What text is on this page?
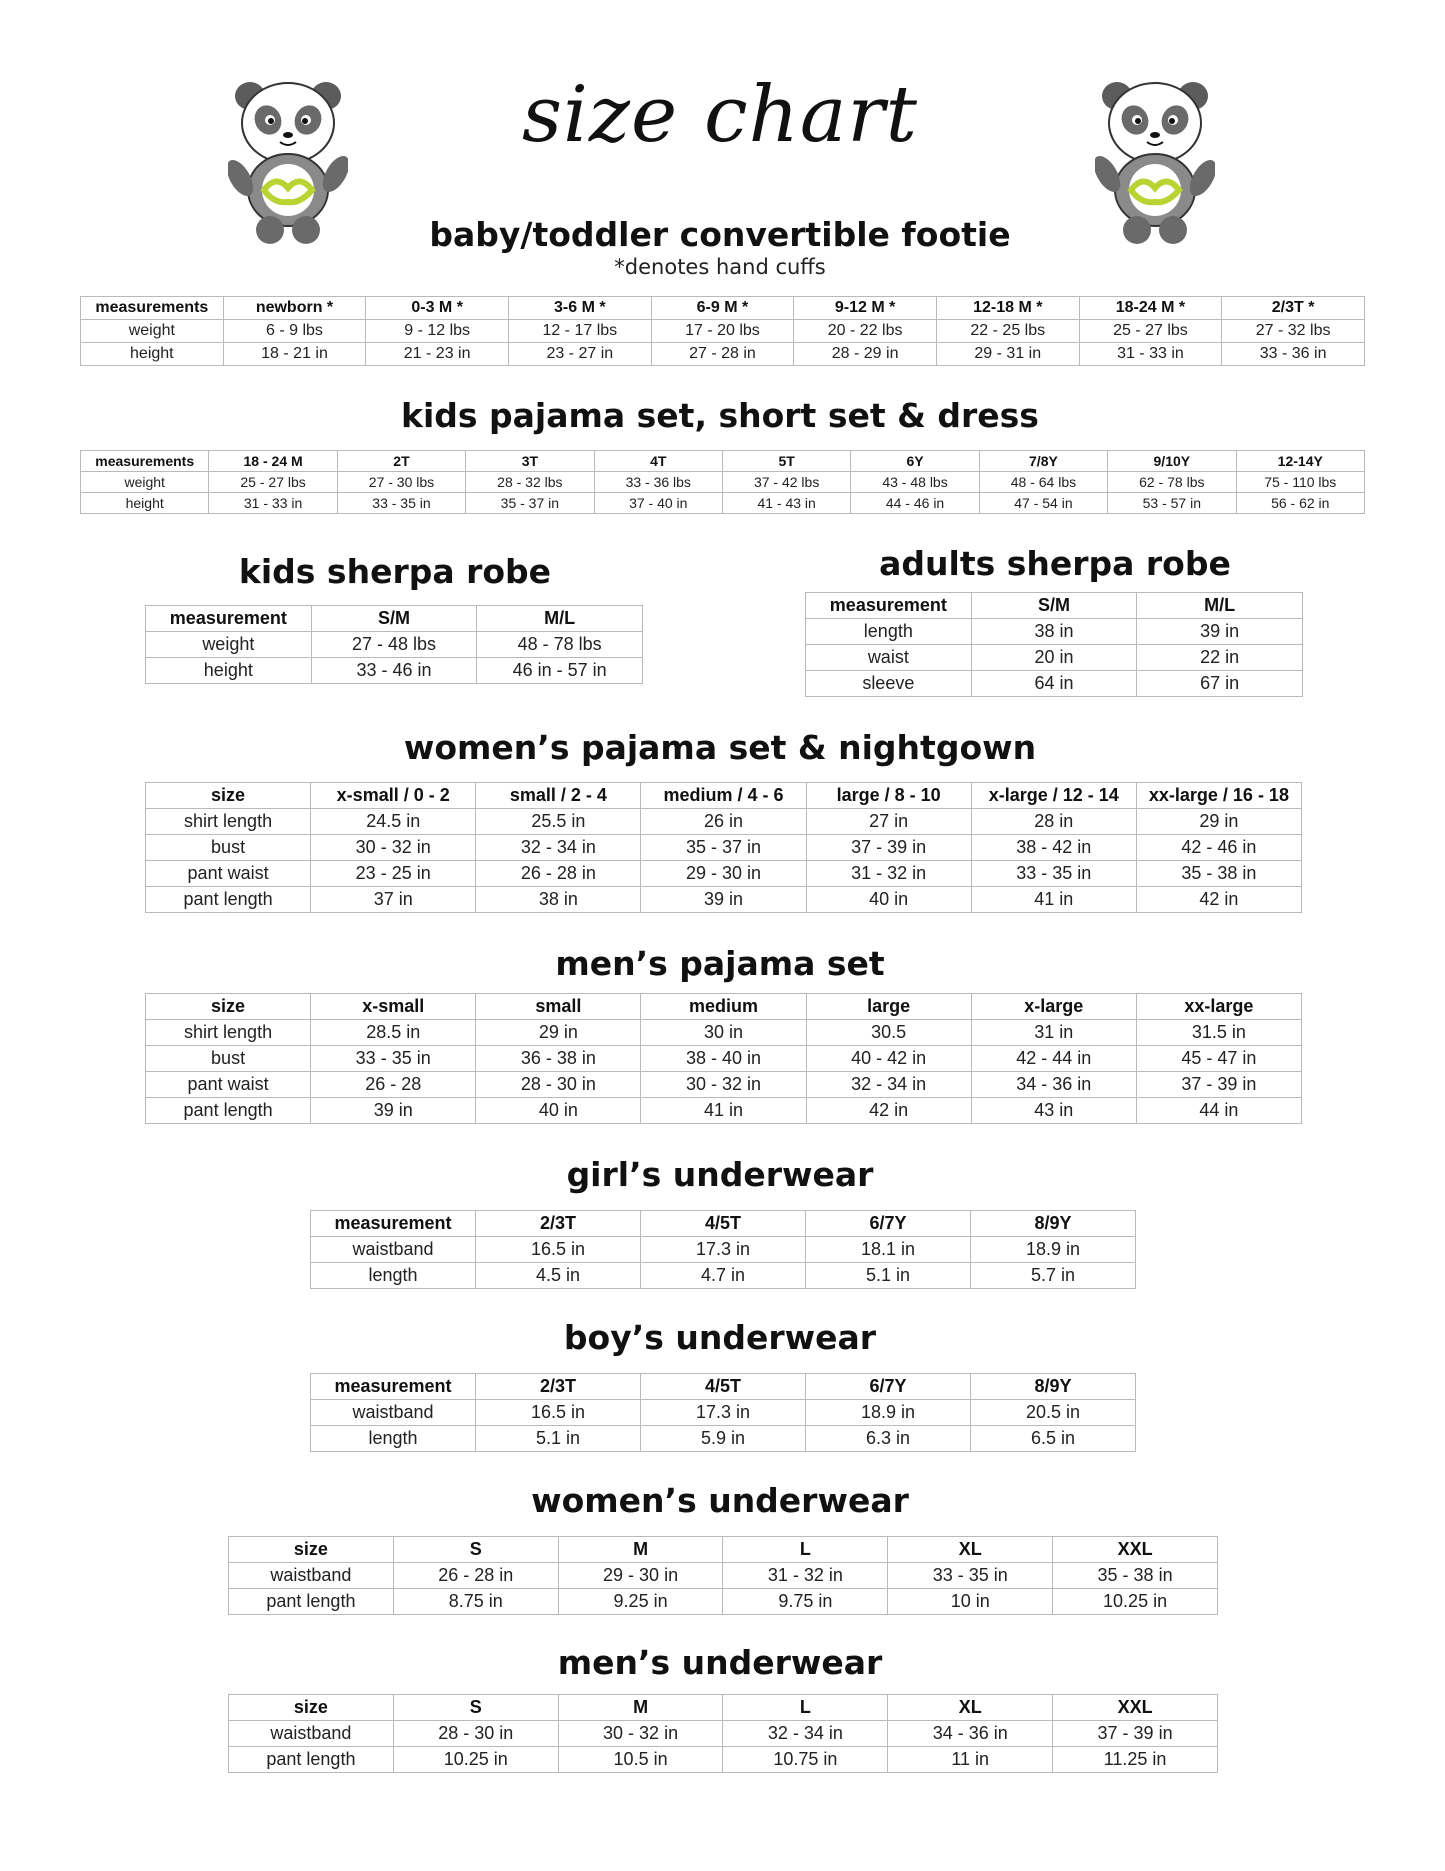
size chart
baby/toddler convertible footie
*denotes hand cuffs
kids pajama set, short set & dress
kids sherpa robe	adults sherpa robe
women’s pajama set & nightgown
men’s pajama set
girl’s underwear
boy’s underwear
women’s underwear
men’s underwear
measurements	newborn *	0-3 M *	3-6 M *	6-9 M *	9-12 M *	12-18 M *	18-24 M *	2/3T *
weight	6 - 9 lbs	9 - 12 lbs	12 - 17 lbs	17 - 20 lbs	20 - 22 lbs	22 - 25 lbs	25 - 27 lbs	27 - 32 lbs
height	18 - 21 in	21 - 23 in	23 - 27 in	27 - 28 in	28 - 29 in	29 - 31 in	31 - 33 in	33 - 36 in
measurements	18 - 24 M	2T	3T	4T	5T	6Y	7/8Y	9/10Y	12-14Y
weight	25 - 27 lbs	27 - 30 lbs	28 - 32 lbs	33 - 36 lbs	37 - 42 lbs	43 - 48 lbs	48 - 64 lbs	62 - 78 lbs	75 - 110 lbs
height	31 - 33 in	33 - 35 in	35 - 37 in	37 - 40 in	41 - 43 in	44 - 46 in	47 - 54 in	53 - 57 in	56 - 62 in
measurement	S/M	M/L
weight	27 - 48 lbs	48 - 78 lbs
height	33 - 46 in	46 in - 57 in
measurement	S/M	M/L
length	38 in	39 in
waist	20 in	22 in
sleeve	64 in	67 in
size	x-small / 0 - 2	small / 2 - 4	medium / 4 - 6	large / 8 - 10	x-large / 12 - 14	xx-large / 16 - 18
shirt length	24.5 in	25.5 in	26 in	27 in	28 in	29 in
bust	30 - 32 in	32 - 34 in	35 - 37 in	37 - 39 in	38 - 42 in	42 - 46 in
pant waist	23 - 25 in	26 - 28 in	29 - 30 in	31 - 32 in	33 - 35 in	35 - 38 in
pant length	37 in	38 in	39 in	40 in	41 in	42 in
size	x-small	small	medium	large	x-large	xx-large
shirt length	28.5 in	29 in	30 in	30.5	31 in	31.5 in
bust	33 - 35 in	36 - 38 in	38 - 40 in	40 - 42 in	42 - 44 in	45 - 47 in
pant waist	26 - 28	28 - 30 in	30 - 32 in	32 - 34 in	34 - 36 in	37 - 39 in
pant length	39 in	40 in	41 in	42 in	43 in	44 in
measurement	2/3T	4/5T	6/7Y	8/9Y
waistband	16.5 in	17.3 in	18.1 in	18.9 in
length	4.5 in	4.7 in	5.1 in	5.7 in
measurement	2/3T	4/5T	6/7Y	8/9Y
waistband	16.5 in	17.3 in	18.9 in	20.5 in
length	5.1 in	5.9 in	6.3 in	6.5 in
size	S	M	L	XL	XXL
waistband	26 - 28 in	29 - 30 in	31 - 32 in	33 - 35 in	35 - 38 in
pant length	8.75 in	9.25 in	9.75 in	10 in	10.25 in
size	S	M	L	XL	XXL
waistband	28 - 30 in	30 - 32 in	32 - 34 in	34 - 36 in	37 - 39 in
pant length	10.25 in	10.5 in	10.75 in	11 in	11.25 in
